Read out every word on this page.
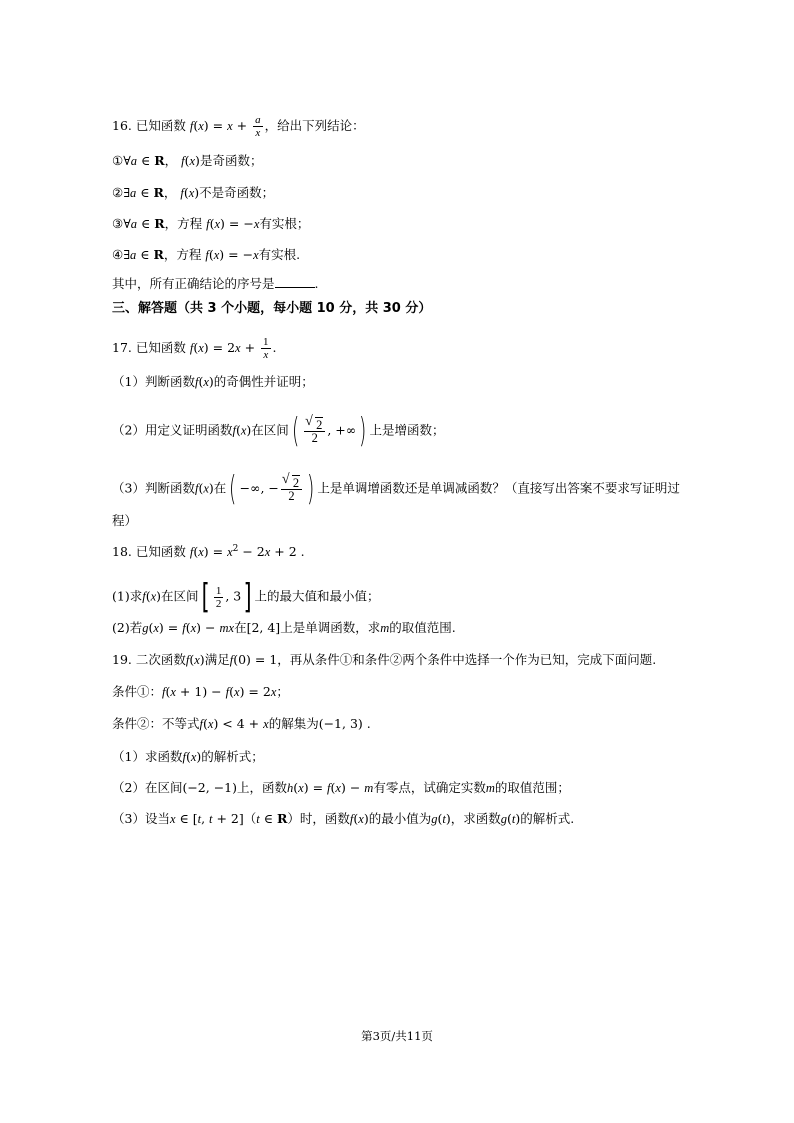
16. 已知函数 $f(x) = x + \frac{a}{x}$ ，给出下列结论：
①∀a ∈ R， f(x)是奇函数；
②∃a ∈ R， f(x)不是奇函数；
③∀a ∈ R，方程 f(x) = −x有实根；
④∃a ∈ R，方程 f(x) = −x有实根.
其中，所有正确结论的序号是	.
三、解答题（共 3 个小题，每小题 10 分，共 30 分）
17. 已知函数 $f(x) = 2x + \frac{1}{x}$ .
（1）判断函数f(x)的奇偶性并证明；
（2）用定义证明函数f(x)在区间( √ $\frac{2}{2}$ , +∞) 上是增函数；
（3）判断函数f(x)在( −∞, − √ $\frac{2}{2}$ ) 上是单调增函数还是单调减函数？（直接写出答案不要求写证明过
程）
18. 已知函数 $f(x) = x^2 - 2x + 2$ .
(1)求f(x)在区间[ $\frac{1}{2}$ , 3] 上的最大值和最小值；
(2)若g(x) = f(x) − mx在[2, 4]上是单调函数，求m的取值范围.
19. 二次函数f(x)满足f(0) = 1，再从条件①和条件②两个条件中选择一个作为已知，完成下面问题.
条件①：f(x + 1) − f(x) = 2x；
条件②：不等式f(x) < 4 + x的解集为(−1, 3) .
（1）求函数f(x)的解析式；
（2）在区间(−2, −1)上，函数h(x) = f(x) − m有零点，试确定实数m的取值范围；
（3）设当x ∈ [t, t + 2]（t ∈ R）时，函数f(x)的最小值为g(t)，求函数g(t)的解析式.
第3页/共11页
